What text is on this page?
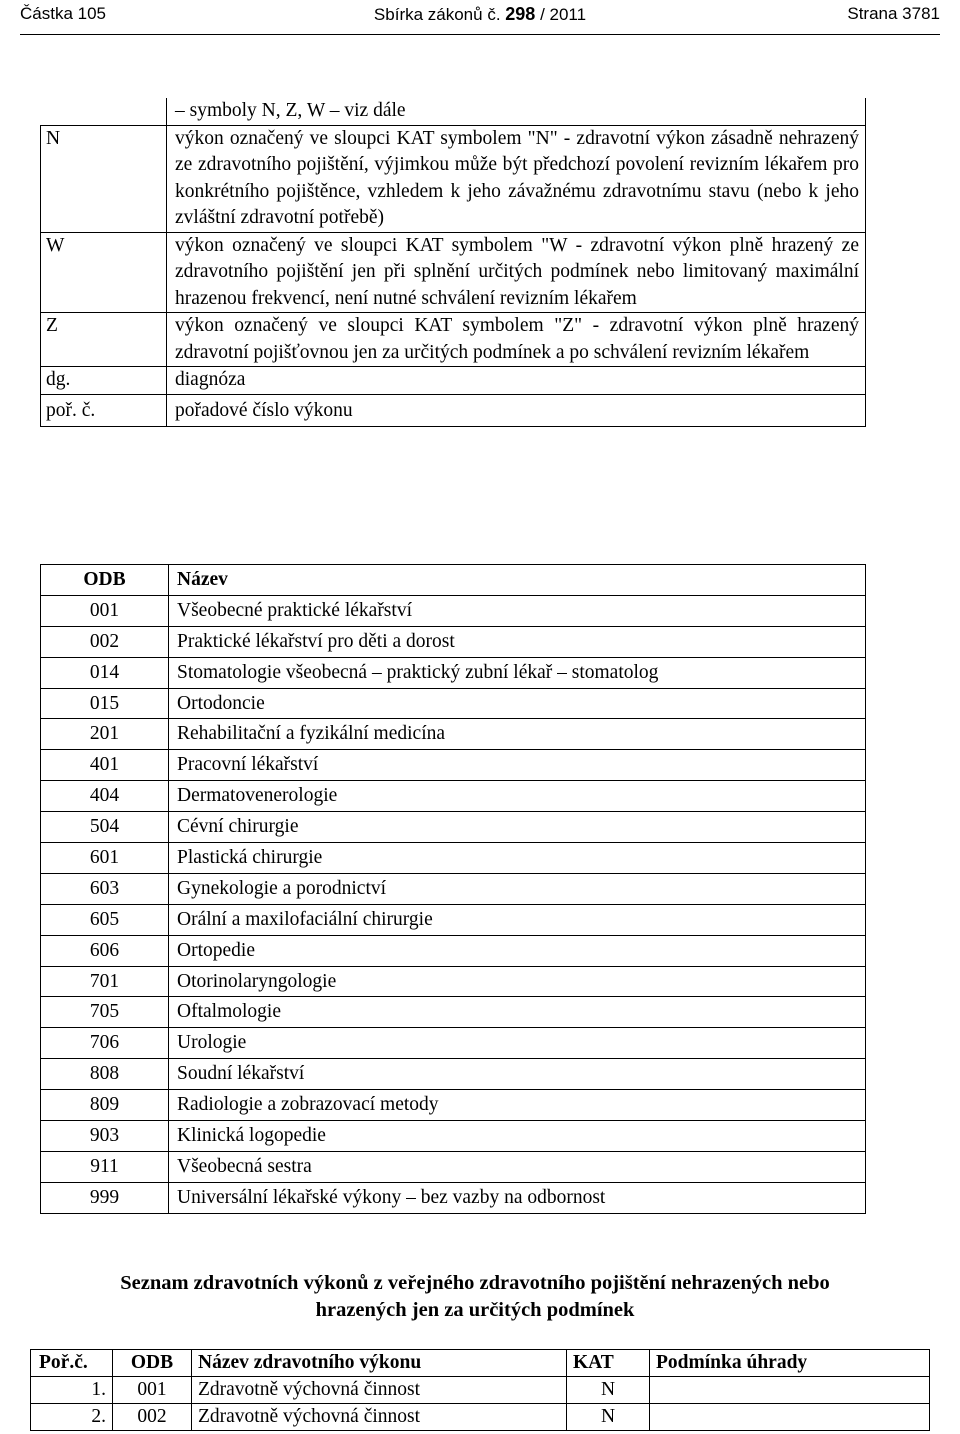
Částka 105	Sbírka zákonů č. 298 / 2011	Strana 3781
	– symboly N, Z, W – viz dále
N	výkon označený ve sloupci KAT symbolem "N" - zdravotní výkon zásadně nehrazený ze zdravotního pojištění, výjimkou může být předchozí povolení revizním lékařem pro konkrétního pojištěnce, vzhledem k jeho závažnému zdravotnímu stavu (nebo k jeho zvláštní zdravotní potřebě)
W	výkon označený ve sloupci KAT symbolem "W - zdravotní výkon plně hrazený ze zdravotního pojištění jen při splnění určitých podmínek nebo limitovaný maximální hrazenou frekvencí, není nutné schválení revizním lékařem
Z	výkon označený ve sloupci KAT symbolem "Z" - zdravotní výkon plně hrazený zdravotní pojišťovnou jen za určitých podmínek a po schválení revizním lékařem
dg.	diagnóza
poř. č.	pořadové číslo výkonu
ODB	Název
001	Všeobecné praktické lékařství
002	Praktické lékařství pro děti a dorost
014	Stomatologie všeobecná – praktický zubní lékař – stomatolog
015	Ortodoncie
201	Rehabilitační a fyzikální medicína
401	Pracovní lékařství
404	Dermatovenerologie
504	Cévní chirurgie
601	Plastická chirurgie
603	Gynekologie a porodnictví
605	Orální a maxilofaciální chirurgie
606	Ortopedie
701	Otorinolaryngologie
705	Oftalmologie
706	Urologie
808	Soudní lékařství
809	Radiologie a zobrazovací metody
903	Klinická logopedie
911	Všeobecná sestra
999	Universální lékařské výkony – bez vazby na odbornost
Seznam zdravotních výkonů z veřejného zdravotního pojištění nehrazených nebo
hrazených jen za určitých podmínek
Poř.č.	ODB	Název zdravotního výkonu	KAT	Podmínka úhrady
1.	001	Zdravotně výchovná činnost	N	
2.	002	Zdravotně výchovná činnost	N	
